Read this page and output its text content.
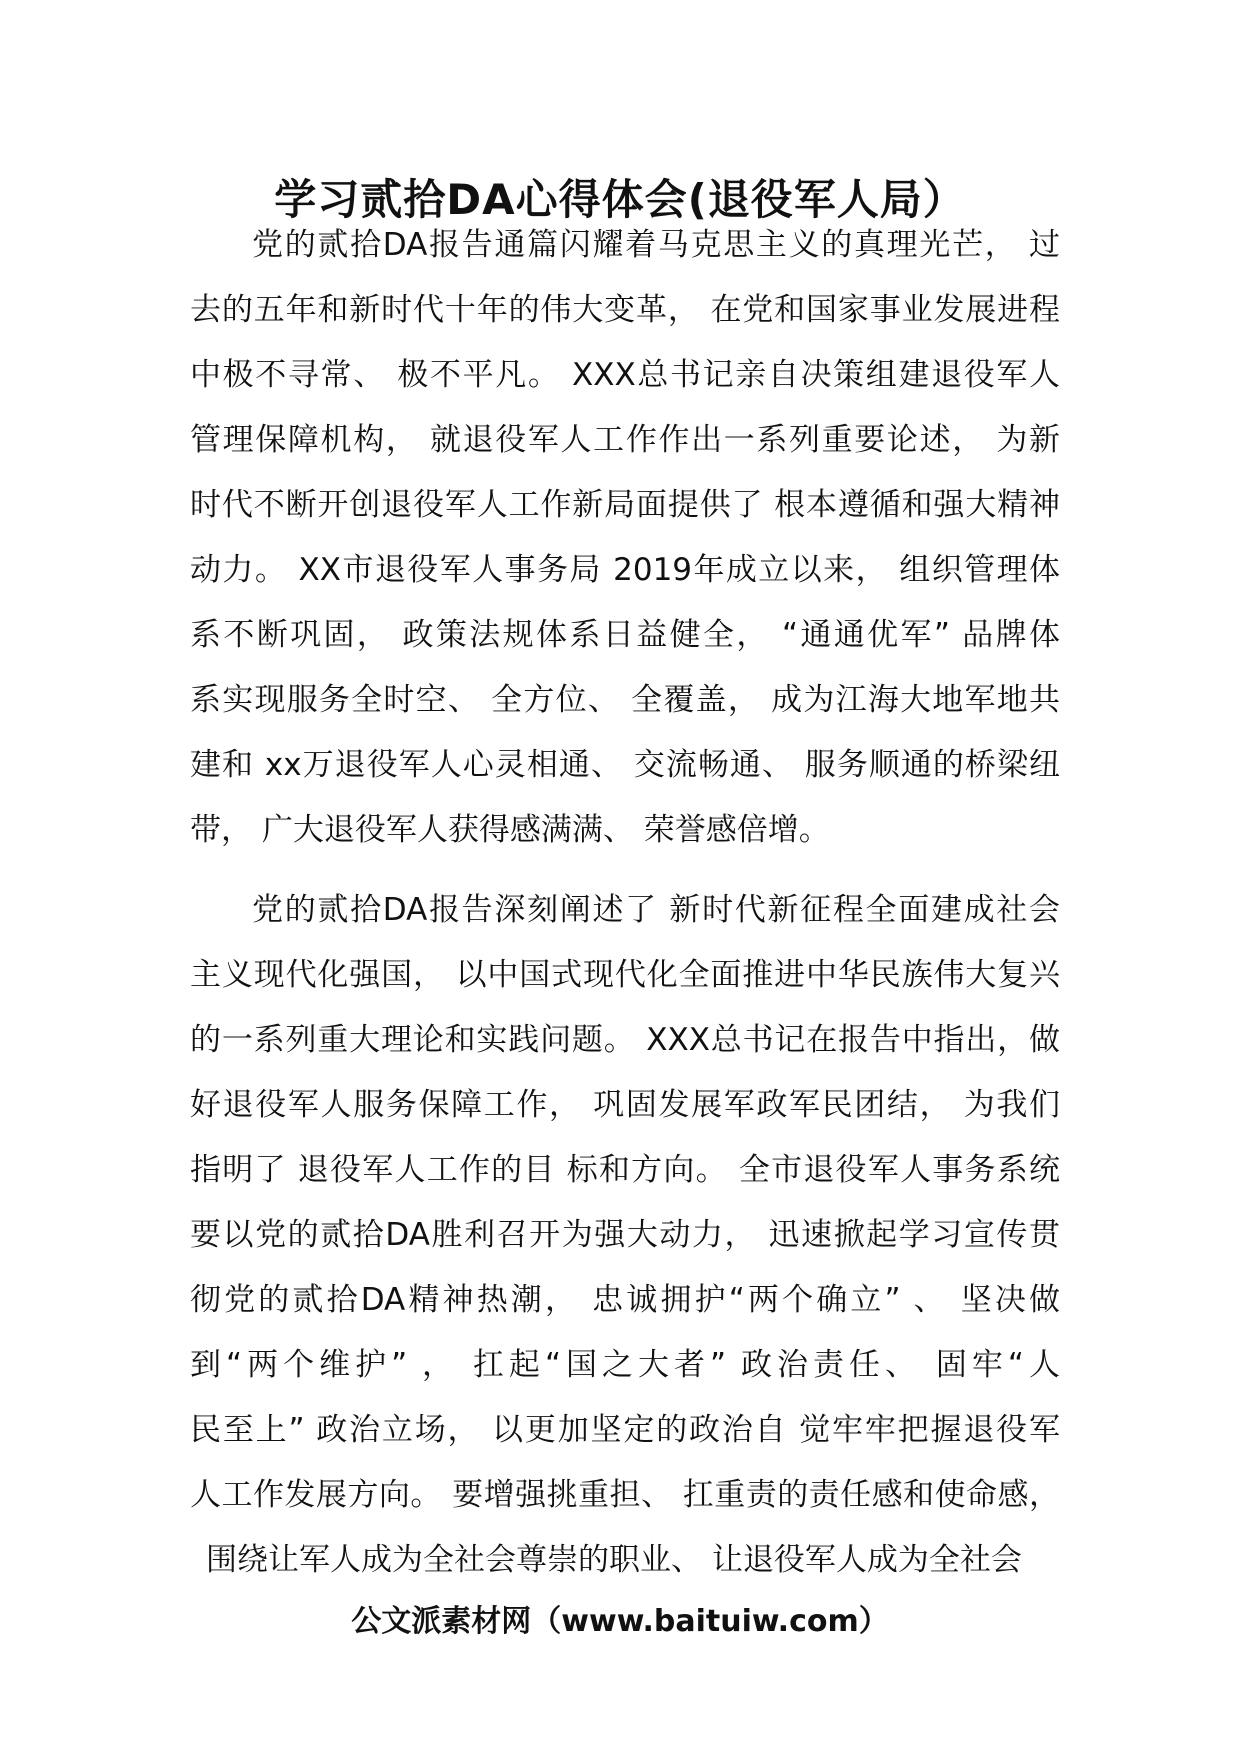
学习贰拾DA心得体会(退役军人局）
党的贰拾DA报告通篇闪耀着马克思主义的真理光芒， 过
去的五年和新时代十年的伟大变革， 在党和国家事业发展进程
中极不寻常、 极不平凡。 XXX总书记亲自决策组建退役军人
管理保障机构， 就退役军人工作作出一系列重要论述， 为新
时代不断开创退役军人工作新局面提供了 根本遵循和强大精神
动力。 XX市退役军人事务局 2019年成立以来， 组织管理体
系不断巩固， 政策法规体系日益健全， “通通优军” 品牌体
系实现服务全时空、 全方位、 全覆盖， 成为江海大地军地共
建和 xx万退役军人心灵相通、 交流畅通、 服务顺通的桥梁纽
带， 广大退役军人获得感满满、 荣誉感倍增。
党的贰拾DA报告深刻阐述了 新时代新征程全面建成社会
主义现代化强国， 以中国式现代化全面推进中华民族伟大复兴
的一系列重大理论和实践问题。 XXX总书记在报告中指出，做
好退役军人服务保障工作， 巩固发展军政军民团结， 为我们
指明了 退役军人工作的目 标和方向。 全市退役军人事务系统
要以党的贰拾DA胜利召开为强大动力， 迅速掀起学习宣传贯
彻党的贰拾DA精神热潮， 忠诚拥护“两个确立” 、 坚决做
到“两个维护” ， 扛起“国之大者” 政治责任、 固牢“人
民至上” 政治立场， 以更加坚定的政治自 觉牢牢把握退役军
人工作发展方向。 要增强挑重担、 扛重责的责任感和使命感，
围绕让军人成为全社会尊崇的职业、 让退役军人成为全社会
公文派素材网（www.baituiw.com）
